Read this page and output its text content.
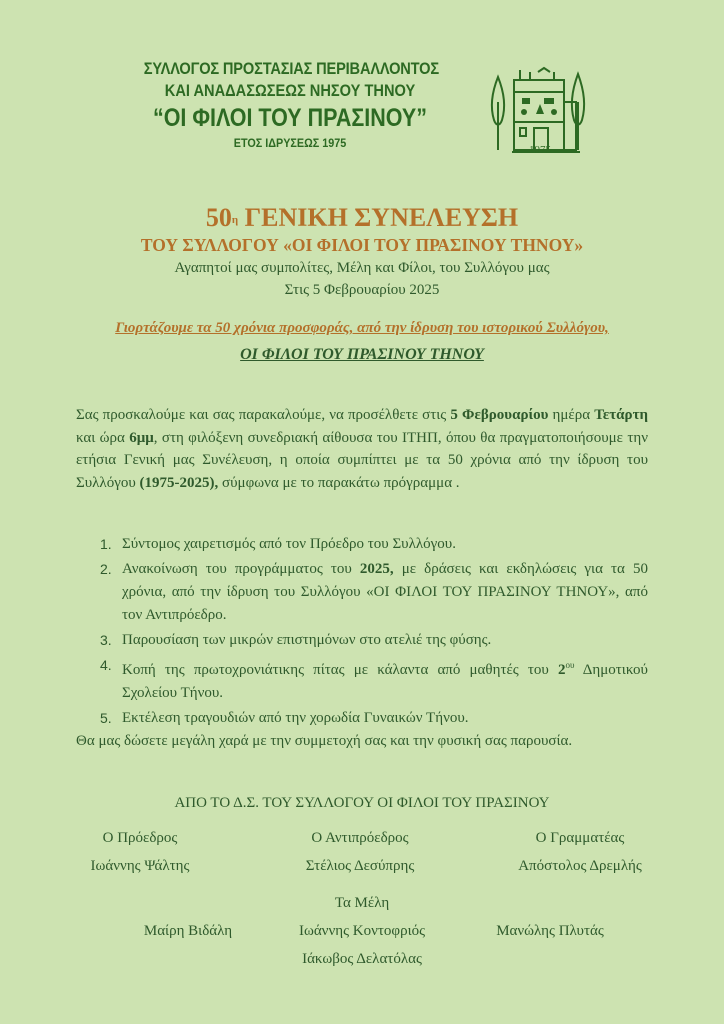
ΣΥΛΛΟΓΟΣ ΠΡΟΣΤΑΣΙΑΣ ΠΕΡΙΒΑΛΛΟΝΤΟΣ
ΚΑΙ ΑΝΑΔΑΣΩΣΕΩΣ ΝΗΣΟΥ ΤΗΝΟΥ
“ΟΙ ΦΙΛΟΙ ΤΟΥ ΠΡΑΣΙΝΟΥ”
ΕΤΟΣ ΙΔΡΥΣΕΩΣ 1975	1975
$50^\eta$ ΓΕΝΙΚΗ ΣΥΝΕΛΕΥΣΗ
ΤΟΥ ΣΥΛΛΟΓΟΥ «ΟΙ ΦΙΛΟΙ ΤΟΥ ΠΡΑΣΙΝΟΥ ΤΗΝΟΥ»
Αγαπητοί μας συμπολίτες, Μέλη και Φίλοι, του Συλλόγου μας
Στις 5 Φεβρουαρίου 2025
Γιορτάζουμε τα 50 χρόνια προσφοράς, από την ίδρυση του ιστορικού Συλλόγου,
ΟΙ ΦΙΛΟΙ ΤΟΥ ΠΡΑΣΙΝΟΥ ΤΗΝΟΥ
Σας προσκαλούμε και σας παρακαλούμε, να προσέλθετε στις 5 Φεβρουαρίου ημέρα Τετάρτη και ώρα 6μμ, στη φιλόξενη συνεδριακή αίθουσα του ΙΤΗΠ, όπου θα πραγματοποιήσουμε την ετήσια Γενική μας Συνέλευση, η οποία συμπίπτει με τα 50 χρόνια από την ίδρυση του Συλλόγου (1975-2025), σύμφωνα με το παρακάτω πρόγραμμα .
1. Σύντομος χαιρετισμός από τον Πρόεδρο του Συλλόγου.
2. Ανακοίνωση του προγράμματος του 2025, με δράσεις και εκδηλώσεις για τα 50 χρόνια, από την ίδρυση του Συλλόγου «ΟΙ ΦΙΛΟΙ ΤΟΥ ΠΡΑΣΙΝΟΥ ΤΗΝΟΥ», από τον Αντιπρόεδρο.
3. Παρουσίαση των μικρών επιστημόνων στο ατελιέ της φύσης.
4. Κοπή της πρωτοχρονιάτικης πίτας με κάλαντα από μαθητές του $2^{o\upsilon}$ Δημοτικού Σχολείου Τήνου.
5. Εκτέλεση τραγουδιών από την χορωδία Γυναικών Τήνου.
Θα μας δώσετε μεγάλη χαρά με την συμμετοχή σας και την φυσική σας παρουσία.
ΑΠΟ ΤΟ Δ.Σ. ΤΟΥ ΣΥΛΛΟΓΟΥ ΟΙ ΦΙΛΟΙ ΤΟΥ ΠΡΑΣΙΝΟΥ
Ο Πρόεδρος	Ο Αντιπρόεδρος	Ο Γραμματέας
Ιωάννης Ψάλτης	Στέλιος Δεσύπρης	Απόστολος Δρεμλής
Τα Μέλη
Μαίρη Βιδάλη	Ιωάννης Κοντοφριός	Μανώλης Πλυτάς
Ιάκωβος Δελατόλας
